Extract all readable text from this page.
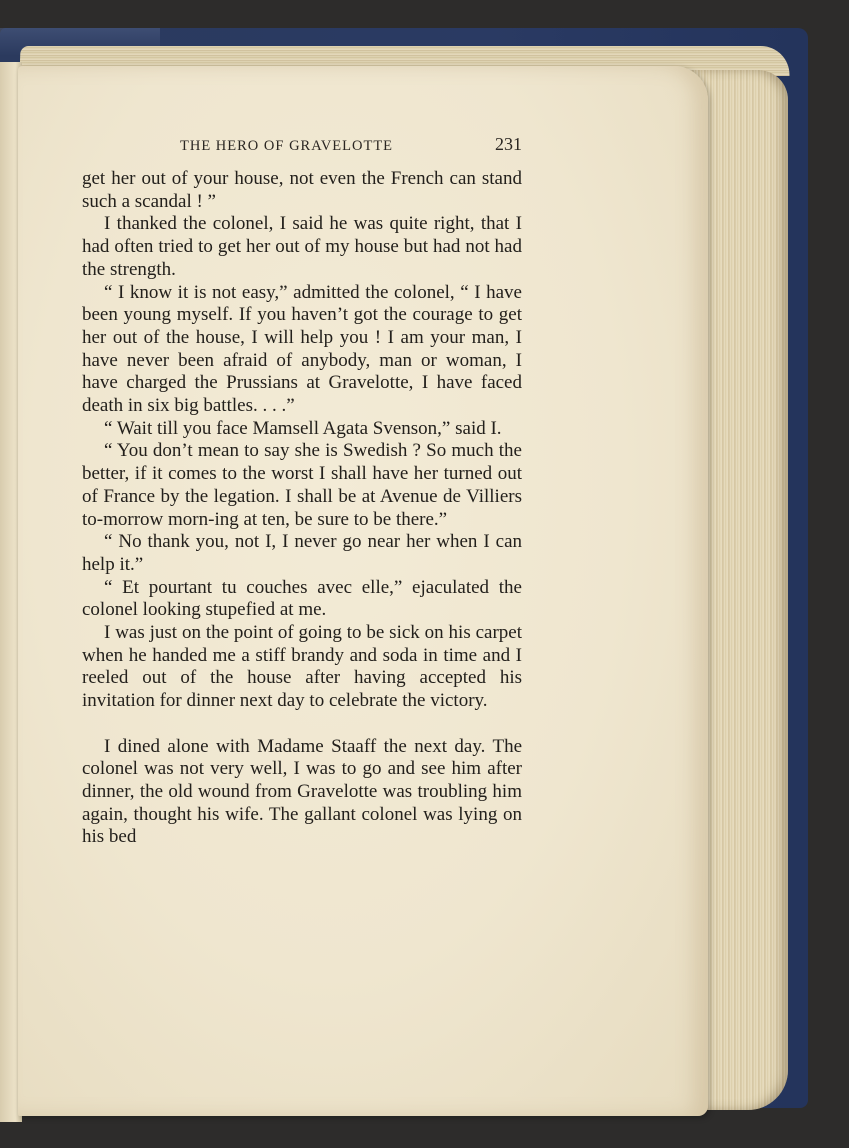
THE HERO OF GRAVELOTTE	231

get her out of your house, not even the French can stand such a scandal ! ”

I thanked the colonel, I said he was quite right, that I had often tried to get her out of my house but had not had the strength.

“ I know it is not easy,” admitted the colonel, “ I have been young myself. If you haven’t got the courage to get her out of the house, I will help you ! I am your man, I have never been afraid of anybody, man or woman, I have charged the Prussians at Gravelotte, I have faced death in six big battles. . . .”

“ Wait till you face Mamsell Agata Svenson,” said I.

“ You don’t mean to say she is Swedish ? So much the better, if it comes to the worst I shall have her turned out of France by the legation. I shall be at Avenue de Villiers to-morrow morn-ing at ten, be sure to be there.”

“ No thank you, not I, I never go near her when I can help it.”

“ Et pourtant tu couches avec elle,” ejaculated the colonel looking stupefied at me.

I was just on the point of going to be sick on his carpet when he handed me a stiff brandy and soda in time and I reeled out of the house after having accepted his invitation for dinner next day to celebrate the victory.

I dined alone with Madame Staaff the next day. The colonel was not very well, I was to go and see him after dinner, the old wound from Gravelotte was troubling him again, thought his wife. The gallant colonel was lying on his bed
